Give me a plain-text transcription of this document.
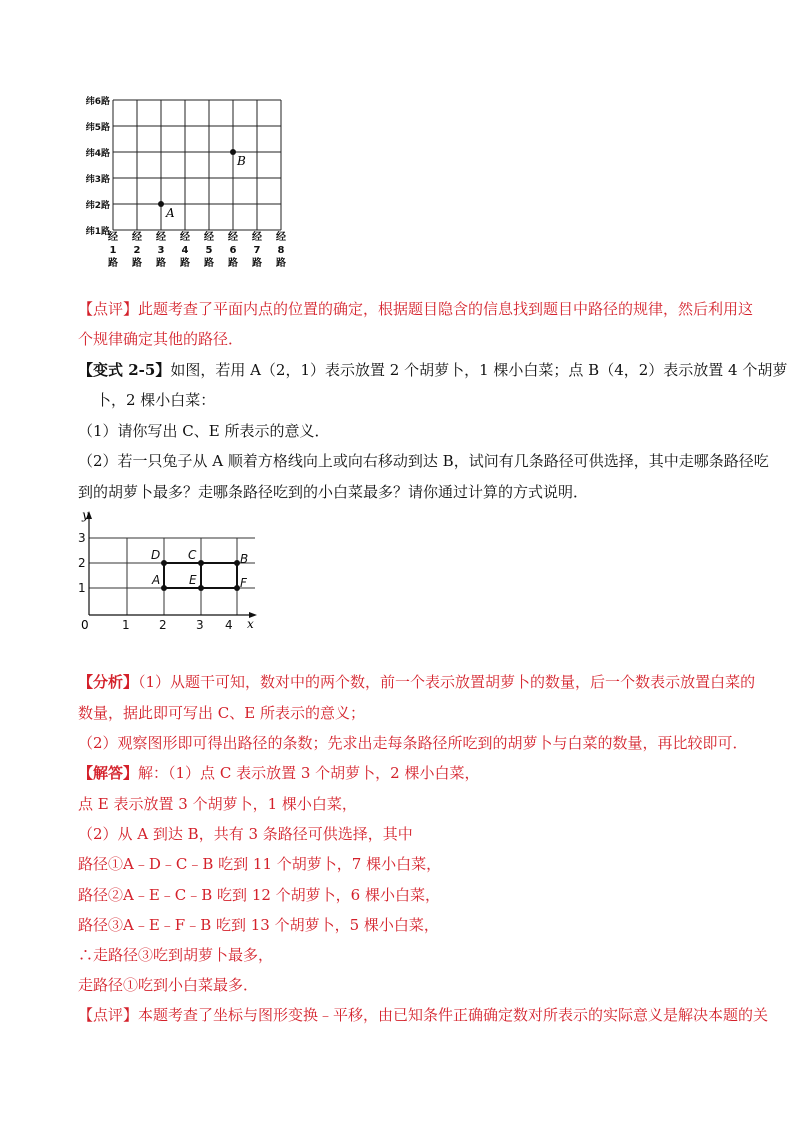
纬6路
纬5路
纬4路
纬3路
纬2路
纬1路
经
1
路
经
2
路
经
3
路
经
4
路
经
5
路
经
6
路
经
7
路
经
8
路
A
B
【点评】此题考查了平面内点的位置的确定，根据题目隐含的信息找到题目中路径的规律，然后利用这
个规律确定其他的路径．
【变式 2-5】如图，若用 A（2，1）表示放置 2 个胡萝卜，1 棵小白菜；点 B（4，2）表示放置 4 个胡萝
卜，2 棵小白菜：
（1）请你写出 C、E 所表示的意义．
（2）若一只兔子从 A 顺着方格线向上或向右移动到达 B，试问有几条路径可供选择，其中走哪条路径吃
到的胡萝卜最多？走哪条路径吃到的小白菜最多？请你通过计算的方式说明．
y
x
0	1 2 3 4
1
2
3
D C	B
A E	F
【分析】（1）从题干可知，数对中的两个数，前一个表示放置胡萝卜的数量，后一个数表示放置白菜的
数量，据此即可写出 C、E 所表示的意义；
（2）观察图形即可得出路径的条数；先求出走每条路径所吃到的胡萝卜与白菜的数量，再比较即可．
【解答】解：（1）点 C 表示放置 3 个胡萝卜，2 棵小白菜，
点 E 表示放置 3 个胡萝卜，1 棵小白菜，
（2）从 A 到达 B，共有 3 条路径可供选择，其中
路径①A﹣D﹣C﹣B 吃到 11 个胡萝卜，7 棵小白菜，
路径②A﹣E﹣C﹣B 吃到 12 个胡萝卜，6 棵小白菜，
路径③A﹣E﹣F﹣B 吃到 13 个胡萝卜，5 棵小白菜，
∴走路径③吃到胡萝卜最多，
走路径①吃到小白菜最多．
【点评】本题考查了坐标与图形变换﹣平移，由已知条件正确确定数对所表示的实际意义是解决本题的关
